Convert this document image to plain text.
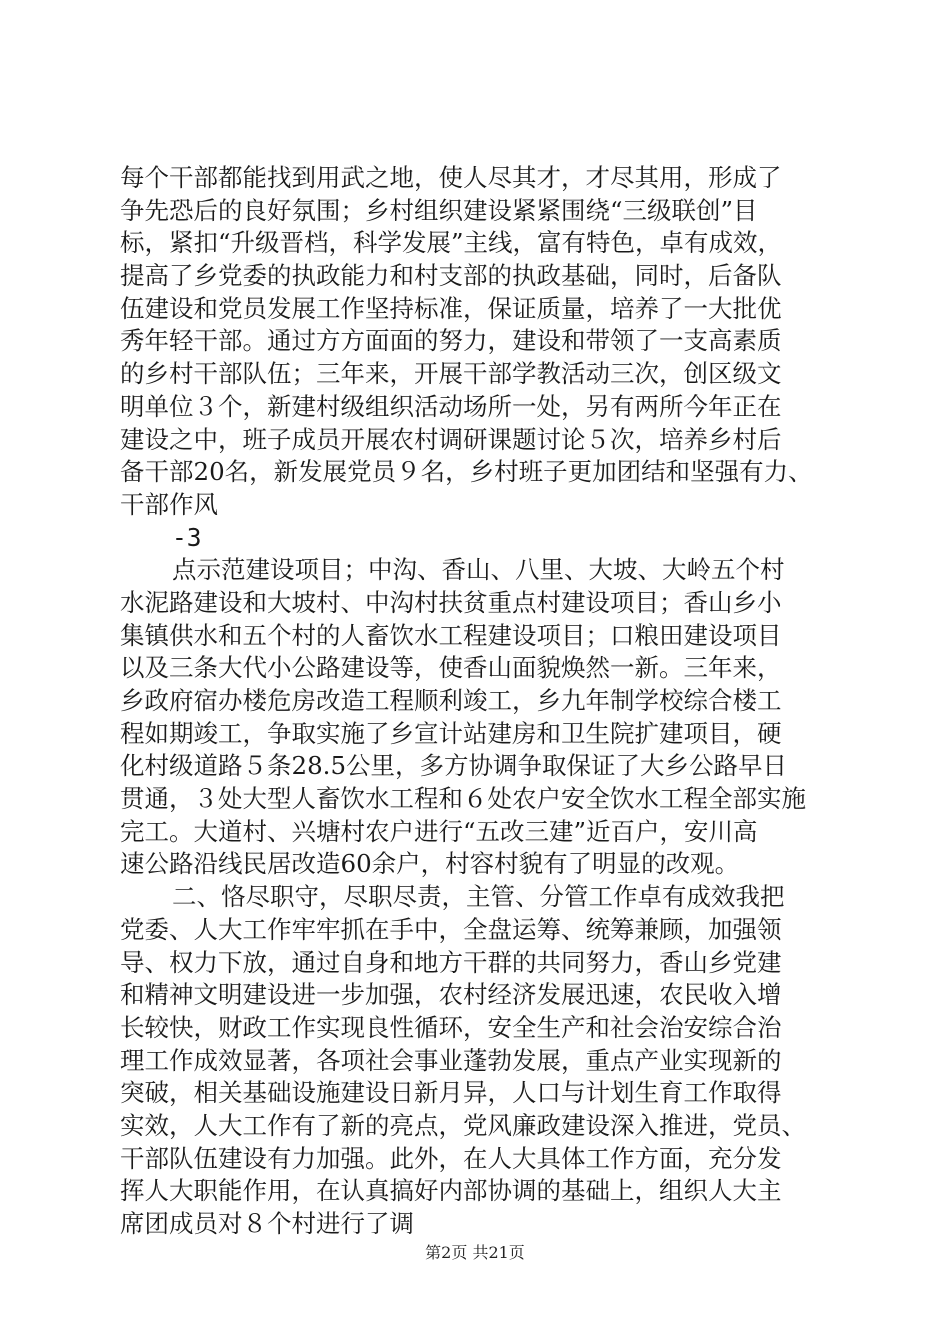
每个干部都能找到用武之地，使人尽其才，才尽其用，形成了
争先恐后的良好氛围；乡村组织建设紧紧围绕“三级联创”目
标，紧扣“升级晋档，科学发展”主线，富有特色，卓有成效，
提高了乡党委的执政能力和村支部的执政基础，同时，后备队
伍建设和党员发展工作坚持标准，保证质量，培养了一大批优
秀年轻干部。通过方方面面的努力，建设和带领了一支高素质
的乡村干部队伍；三年来，开展干部学教活动三次，创区级文
明单位３个，新建村级组织活动场所一处，另有两所今年正在
建设之中，班子成员开展农村调研课题讨论５次，培养乡村后
备干部20名，新发展党员９名，乡村班子更加团结和坚强有力、
干部作风
-3
点示范建设项目；中沟、香山、八里、大坡、大岭五个村
水泥路建设和大坡村、中沟村扶贫重点村建设项目；香山乡小
集镇供水和五个村的人畜饮水工程建设项目；口粮田建设项目
以及三条大代小公路建设等，使香山面貌焕然一新。三年来，
乡政府宿办楼危房改造工程顺利竣工，乡九年制学校综合楼工
程如期竣工，争取实施了乡宣计站建房和卫生院扩建项目，硬
化村级道路５条28.5公里，多方协调争取保证了大乡公路早日
贯通，３处大型人畜饮水工程和６处农户安全饮水工程全部实施
完工。大道村、兴塘村农户进行“五改三建”近百户，安川高
速公路沿线民居改造60余户，村容村貌有了明显的改观。
二、恪尽职守，尽职尽责，主管、分管工作卓有成效我把
党委、人大工作牢牢抓在手中，全盘运筹、统筹兼顾，加强领
导、权力下放，通过自身和地方干群的共同努力，香山乡党建
和精神文明建设进一步加强，农村经济发展迅速，农民收入增
长较快，财政工作实现良性循环，安全生产和社会治安综合治
理工作成效显著，各项社会事业蓬勃发展，重点产业实现新的
突破，相关基础设施建设日新月异，人口与计划生育工作取得
实效，人大工作有了新的亮点，党风廉政建设深入推进，党员、
干部队伍建设有力加强。此外，在人大具体工作方面，充分发
挥人大职能作用，在认真搞好内部协调的基础上，组织人大主
席团成员对８个村进行了调
第2页 共21页
